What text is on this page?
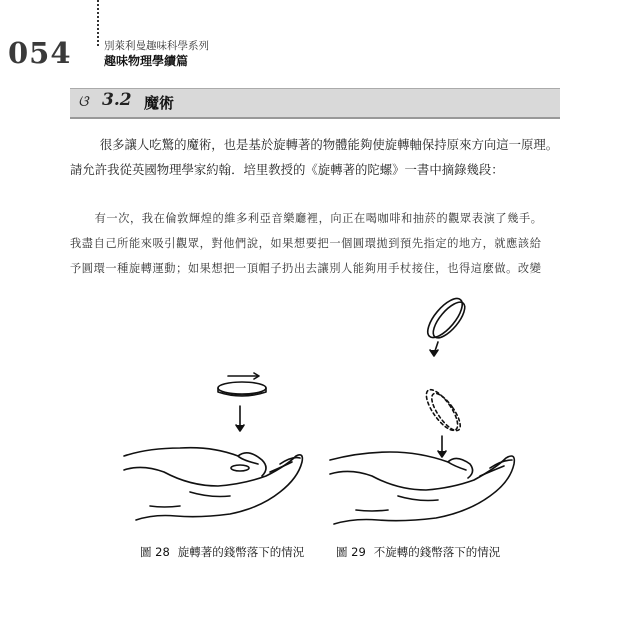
054	別萊利曼趣味科學系列
趣味物理學續篇
ଓ 3.2 魔術
很多讓人吃驚的魔術，也是基於旋轉著的物體能夠使旋轉軸保持原來方向這一原理。
請允許我從英國物理學家約翰．培里教授的《旋轉著的陀螺》一書中摘錄幾段：
有一次，我在倫敦輝煌的維多利亞音樂廳裡，向正在喝咖啡和抽菸的觀眾表演了幾手。
我盡自己所能來吸引觀眾，對他們說，如果想要把一個圓環拋到預先指定的地方，就應該給
予圓環一種旋轉運動；如果想把一頂帽子扔出去讓別人能夠用手杖接住，也得這麼做。改變
圖 28 旋轉著的錢幣落下的情況	圖 29 不旋轉的錢幣落下的情況
